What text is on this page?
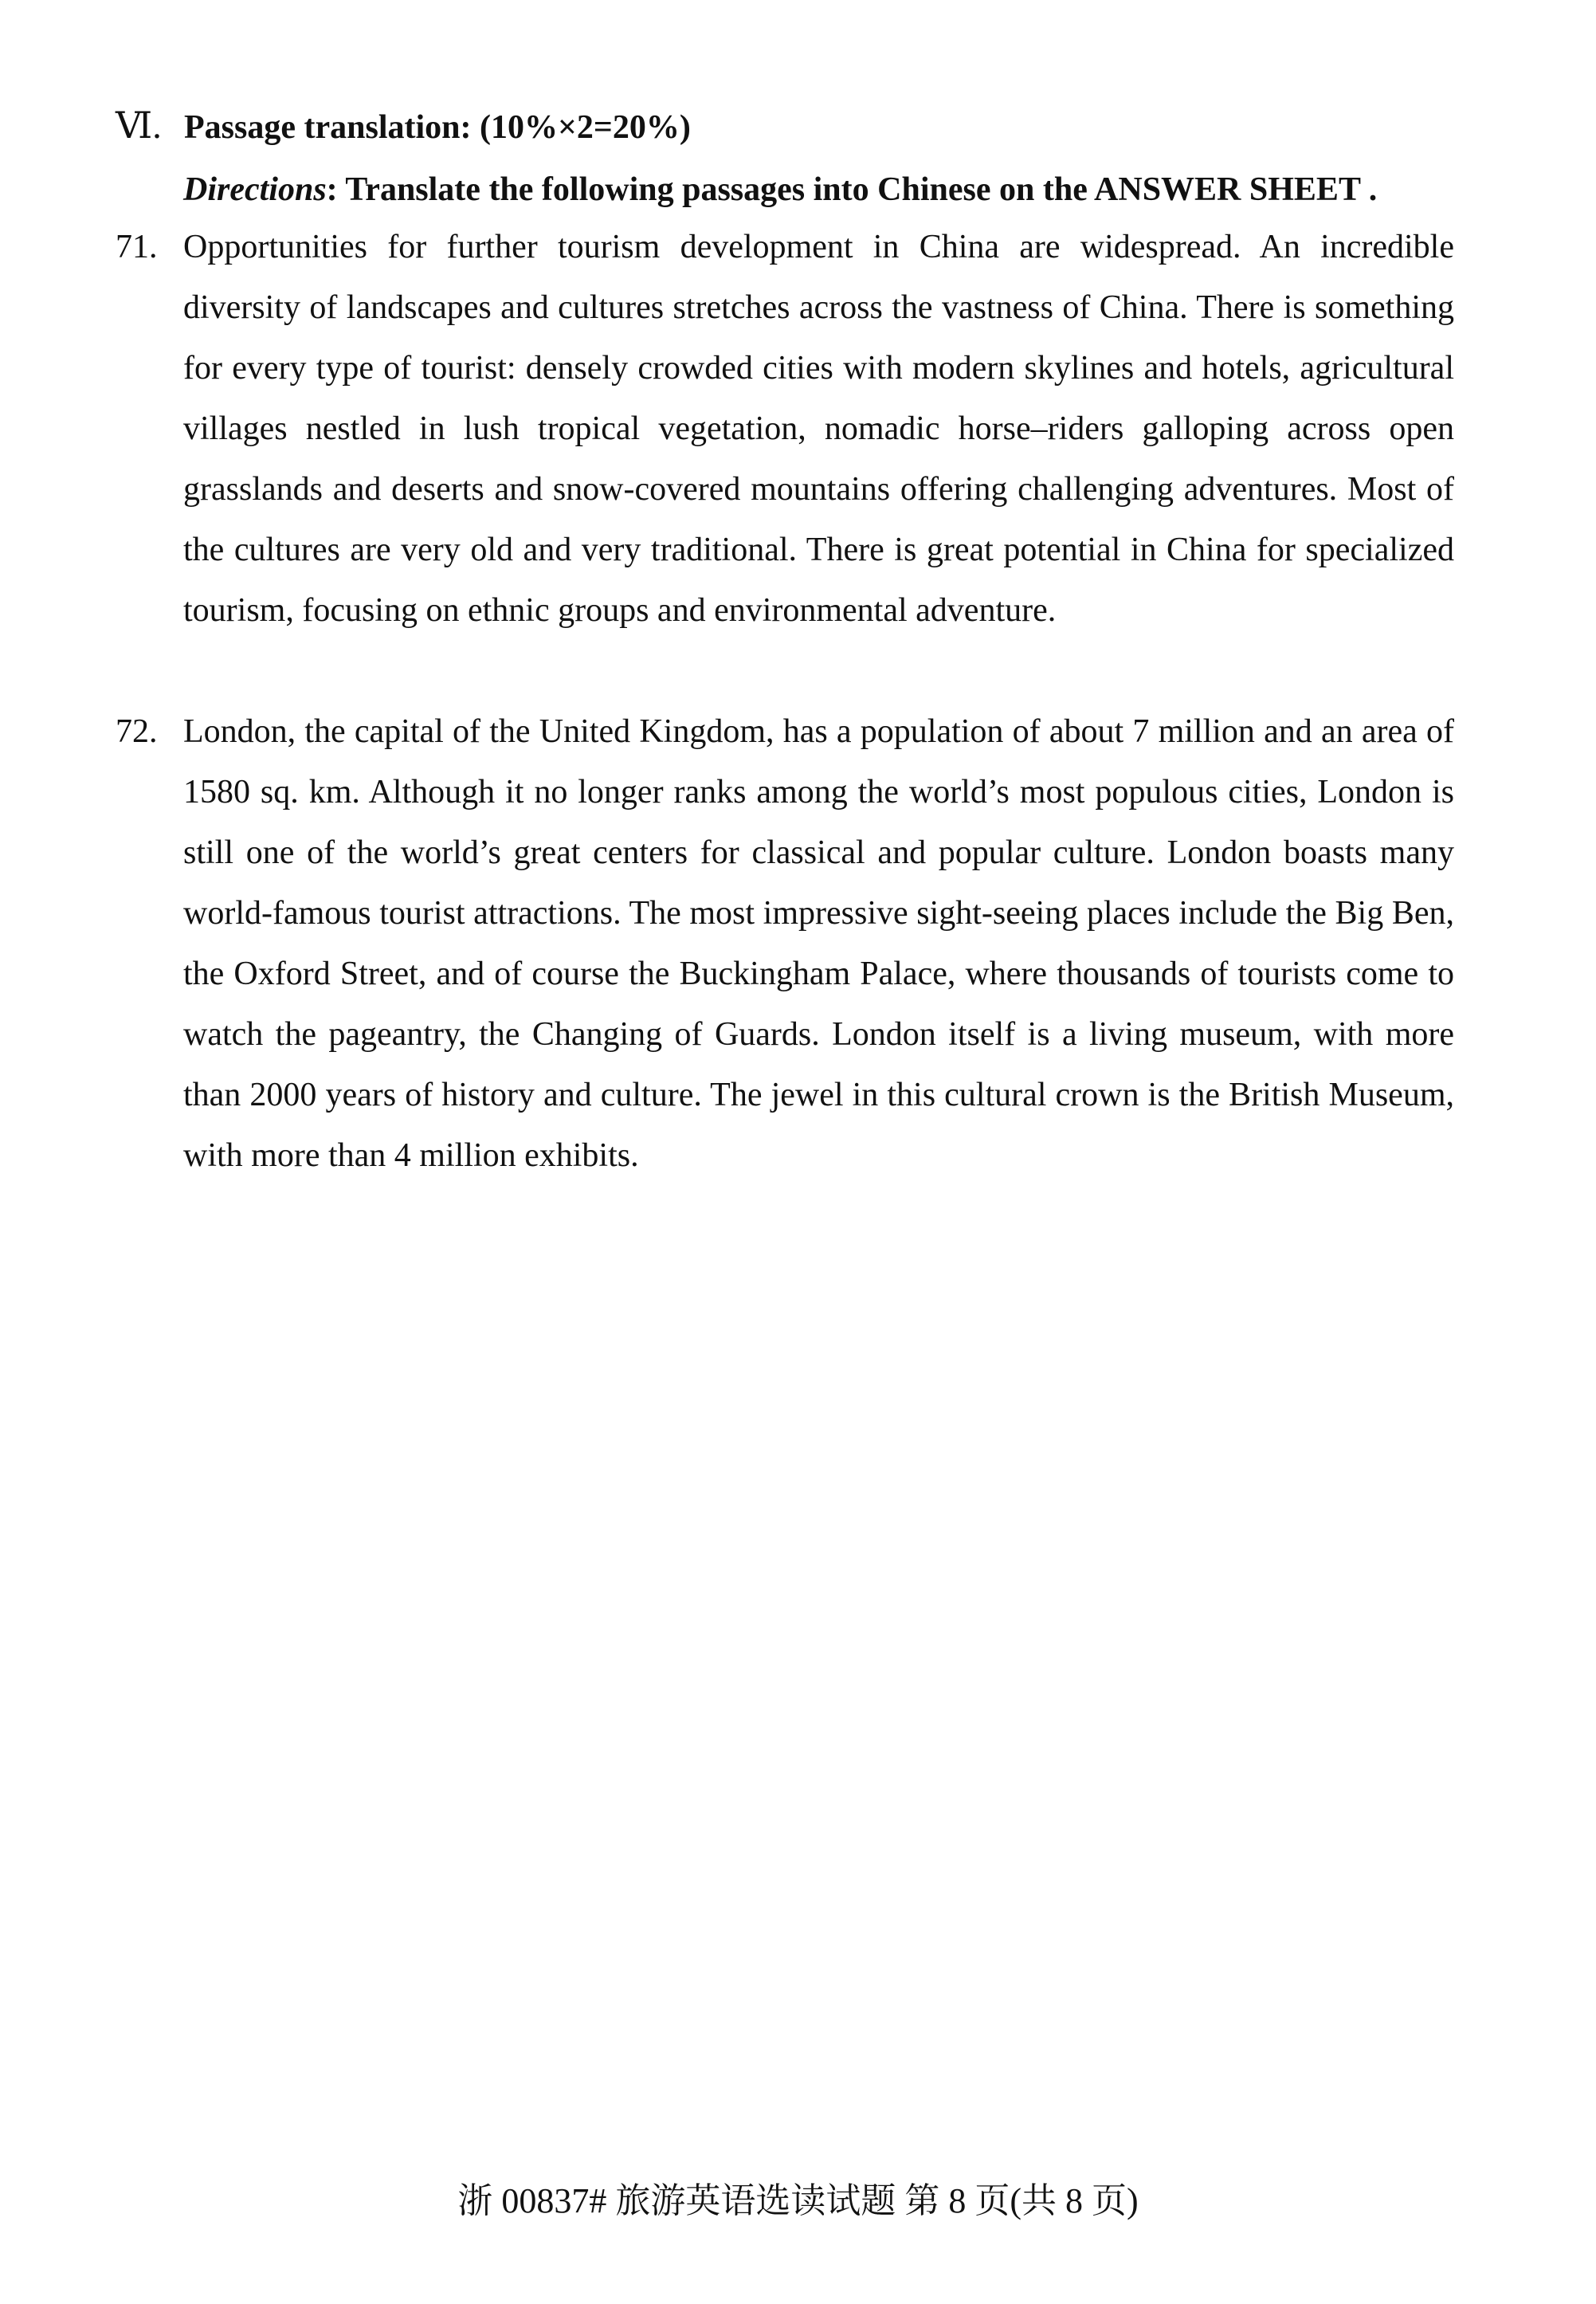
Ⅵ. Passage translation: (10%×2=20%)
Directions: Translate the following passages into Chinese on the ANSWER SHEET .
71. Opportunities for further tourism development in China are widespread. An incredible diversity of landscapes and cultures stretches across the vastness of China. There is something for every type of tourist: densely crowded cities with modern skylines and hotels, agricultural villages nestled in lush tropical vegetation, nomadic horse–riders galloping across open grasslands and deserts and snow-covered mountains offering challenging adventures. Most of the cultures are very old and very traditional. There is great potential in China for specialized tourism, focusing on ethnic groups and environmental adventure.
72. London, the capital of the United Kingdom, has a population of about 7 million and an area of 1580 sq. km. Although it no longer ranks among the world’s most populous cities, London is still one of the world’s great centers for classical and popular culture. London boasts many world-famous tourist attractions. The most impressive sight-seeing places include the Big Ben, the Oxford Street, and of course the Buckingham Palace, where thousands of tourists come to watch the pageantry, the Changing of Guards. London itself is a living museum, with more than 2000 years of history and culture. The jewel in this cultural crown is the British Museum, with more than 4 million exhibits.
浙 00837# 旅游英语选读试题 第 8 页(共 8 页)
